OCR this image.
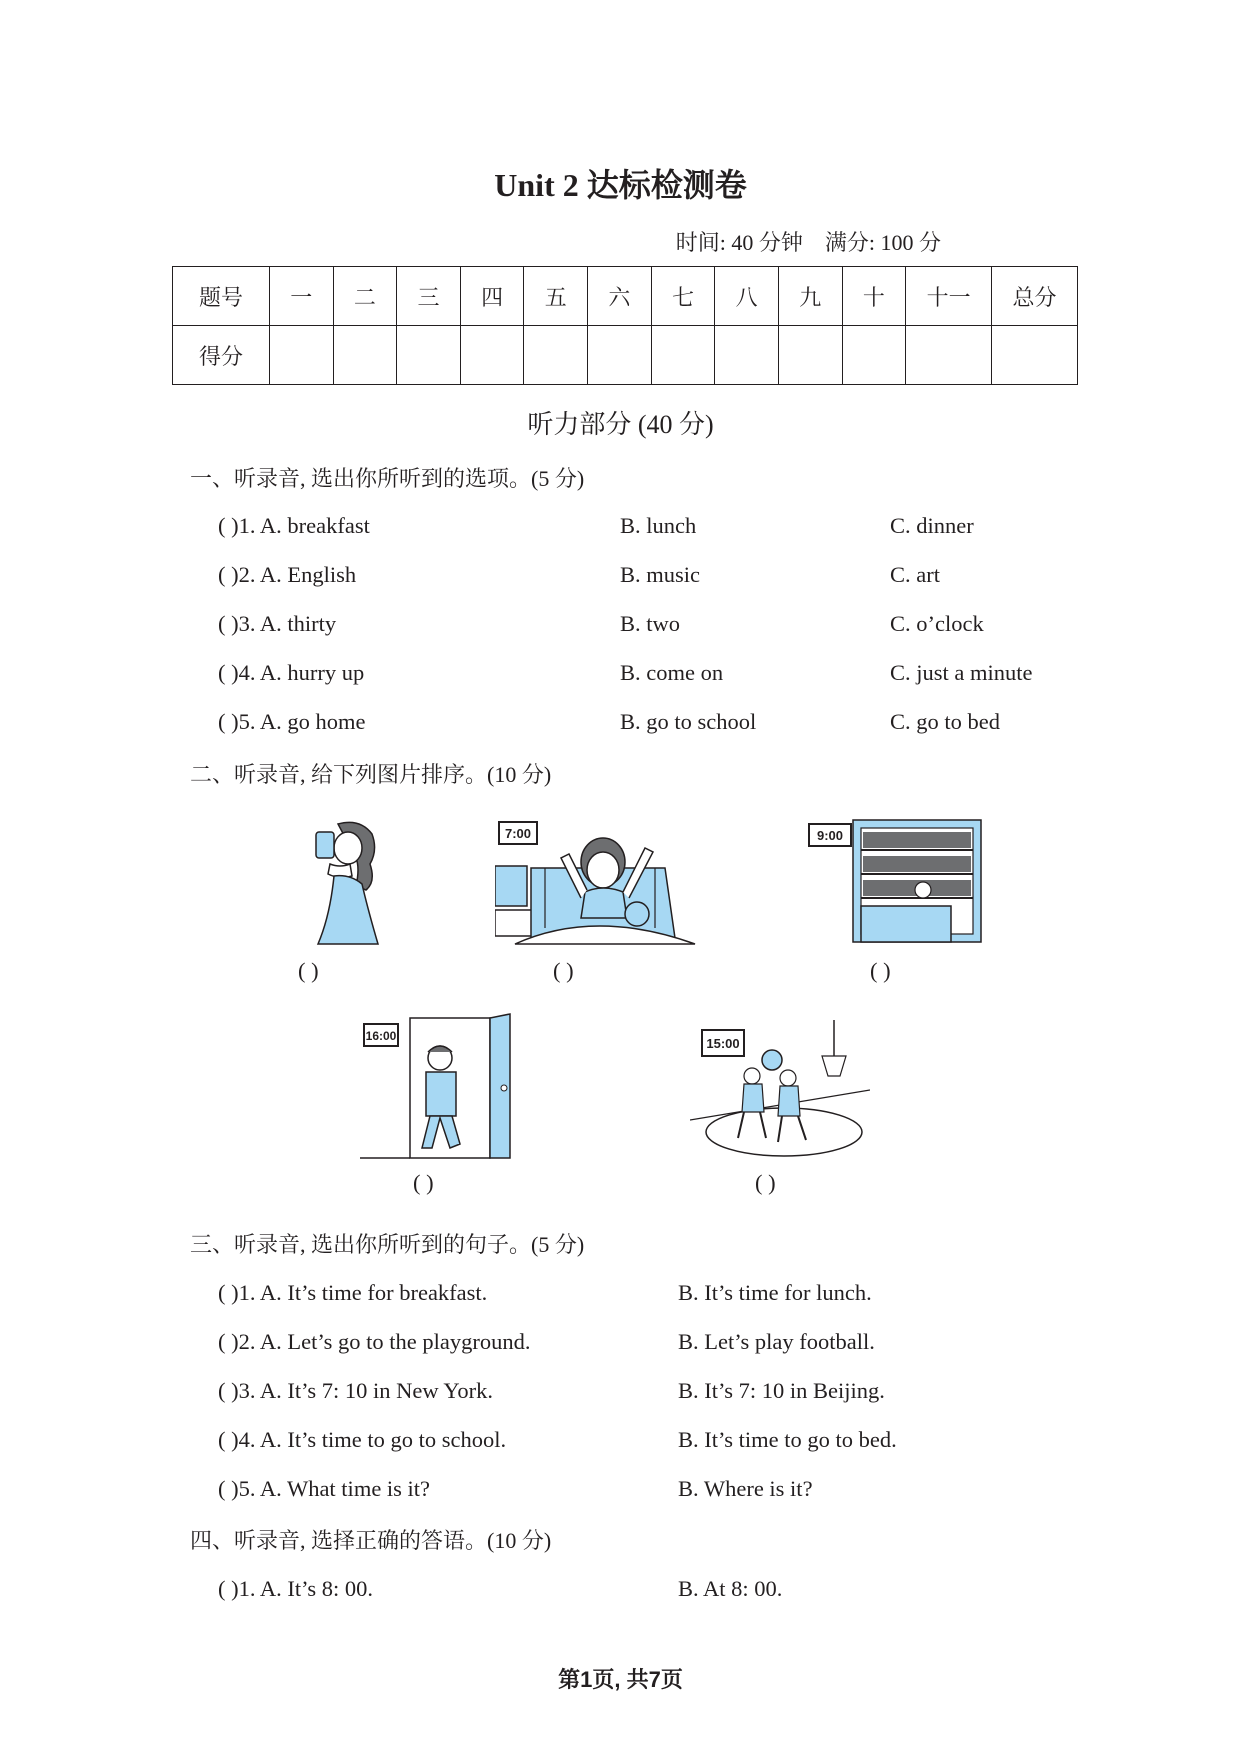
Unit 2 达标检测卷
时间: 40 分钟    满分: 100 分
题号	一	二	三	四	五	六	七	八	九	十	十一	总分
得分												
听力部分 (40 分)
一、听录音, 选出你所听到的选项。(5 分)
( )1. A. breakfast	B. lunch	C. dinner
( )2. A. English	B. music	C. art
( )3. A. thirty	B. two	C. o’clock
( )4. A. hurry up	B. come on	C. just a minute
( )5. A. go home	B. go to school	C. go to bed
二、听录音, 给下列图片排序。(10 分)
7:00	9:00
( )	( )	( )
16:00	15:00
( )	( )
三、听录音, 选出你所听到的句子。(5 分)
( )1. A. It’s time for breakfast.	B. It’s time for lunch.
( )2. A. Let’s go to the playground.	B. Let’s play football.
( )3. A. It’s 7: 10 in New York.	B. It’s 7: 10 in Beijing.
( )4. A. It’s time to go to school.	B. It’s time to go to bed.
( )5. A. What time is it?	B. Where is it?
四、听录音, 选择正确的答语。(10 分)
( )1. A. It’s 8: 00.	B. At 8: 00.
第1页, 共7页
